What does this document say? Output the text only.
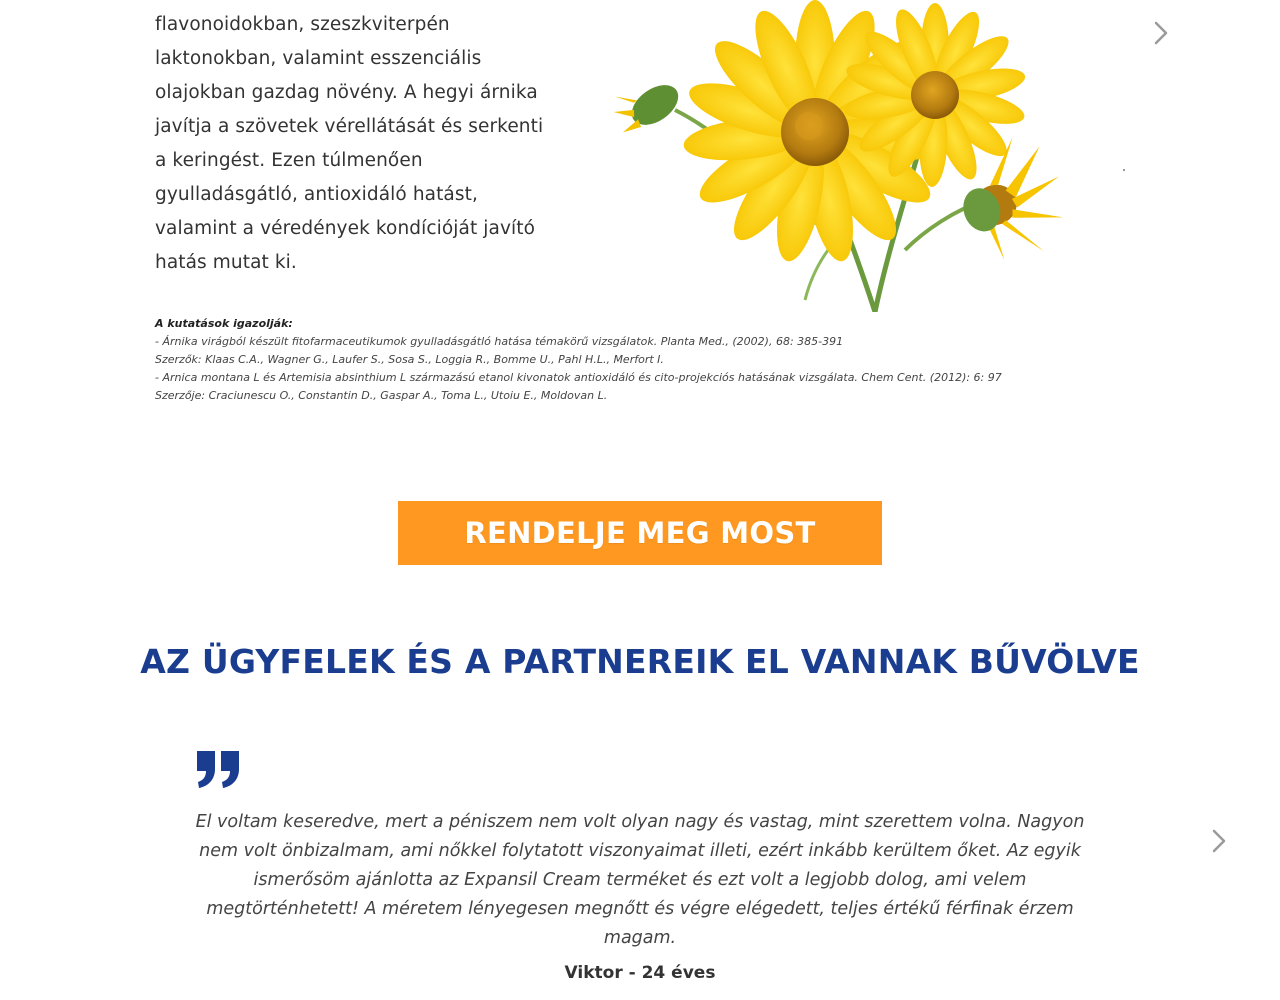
flavonoidokban, szeszkviterpén laktonokban, valamint esszenciális olajokban gazdag növény. A hegyi árnika javítja a szövetek vérellátását és serkenti a keringést. Ezen túlmenően gyulladásgátló, antioxidáló hatást, valamint a véredények kondícióját javító hatás mutat ki.

A kutatások igazolják:
- Árnika virágból készült fitofarmaceutikumok gyulladásgátló hatása témakörű vizsgálatok. Planta Med., (2002), 68: 385-391
Szerzők: Klaas C.A., Wagner G., Laufer S., Sosa S., Loggia R., Bomme U., Pahl H.L., Merfort I.
- Arnica montana L és Artemisia absinthium L származású etanol kivonatok antioxidáló és cito-projekciós hatásának vizsgálata. Chem Cent. (2012): 6: 97
Szerzője: Craciunescu O., Constantin D., Gaspar A., Toma L., Utoiu E., Moldovan L.
RENDELJE MEG MOST
AZ ÜGYFELEK ÉS A PARTNEREIK EL VANNAK BŰVÖLVE

El voltam keseredve, mert a péniszem nem volt olyan nagy és vastag, mint szerettem volna. Nagyon nem volt önbizalmam, ami nőkkel folytatott viszonyaimat illeti, ezért inkább kerültem őket. Az egyik ismerősöm ajánlotta az Expansil Cream terméket és ezt volt a legjobb dolog, ami velem megtörténhetett! A méretem lényegesen megnőtt és végre elégedett, teljes értékű férfinak érzem magam.

Viktor - 24 éves
